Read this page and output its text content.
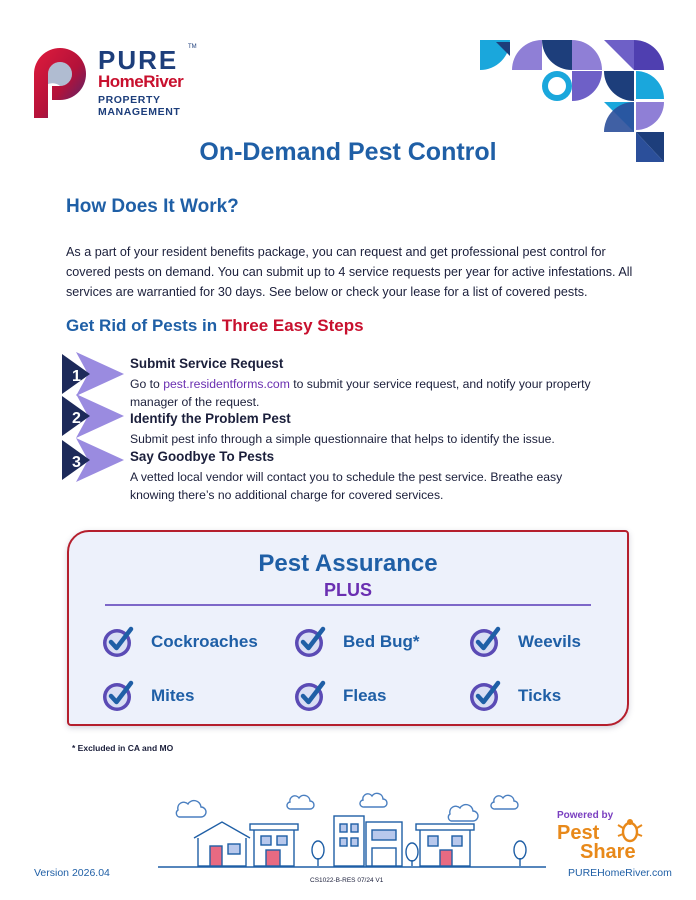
PURE TM
HomeRiver
PROPERTY
MANAGEMENT
On-Demand Pest Control
How Does It Work?

As a part of your resident benefits package, you can request and get professional pest control for covered pests on demand. You can submit up to 4 service requests per year for active infestations. All services are warrantied for 30 days. See below or check your lease for a list of covered pests.

Get Rid of Pests in Three Easy Steps
1
Submit Service Request
Go to pest.residentforms.com to submit your service request, and notify your property manager of the request.
2	Identify the Problem Pest
Submit pest info through a simple questionnaire that helps to identify the issue.
3	Say Goodbye To Pests
A vetted local vendor will contact you to schedule the pest service. Breathe easy knowing there’s no additional charge for covered services.
Pest Assurance
PLUS
Cockroaches	Bed Bug*	Weevils
Mites	Fleas	Ticks
* Excluded in CA and MO
Powered by
Pest
Share
Version 2026.04
CS1022-B-RES 07/24 V1
PUREHomeRiver.com
